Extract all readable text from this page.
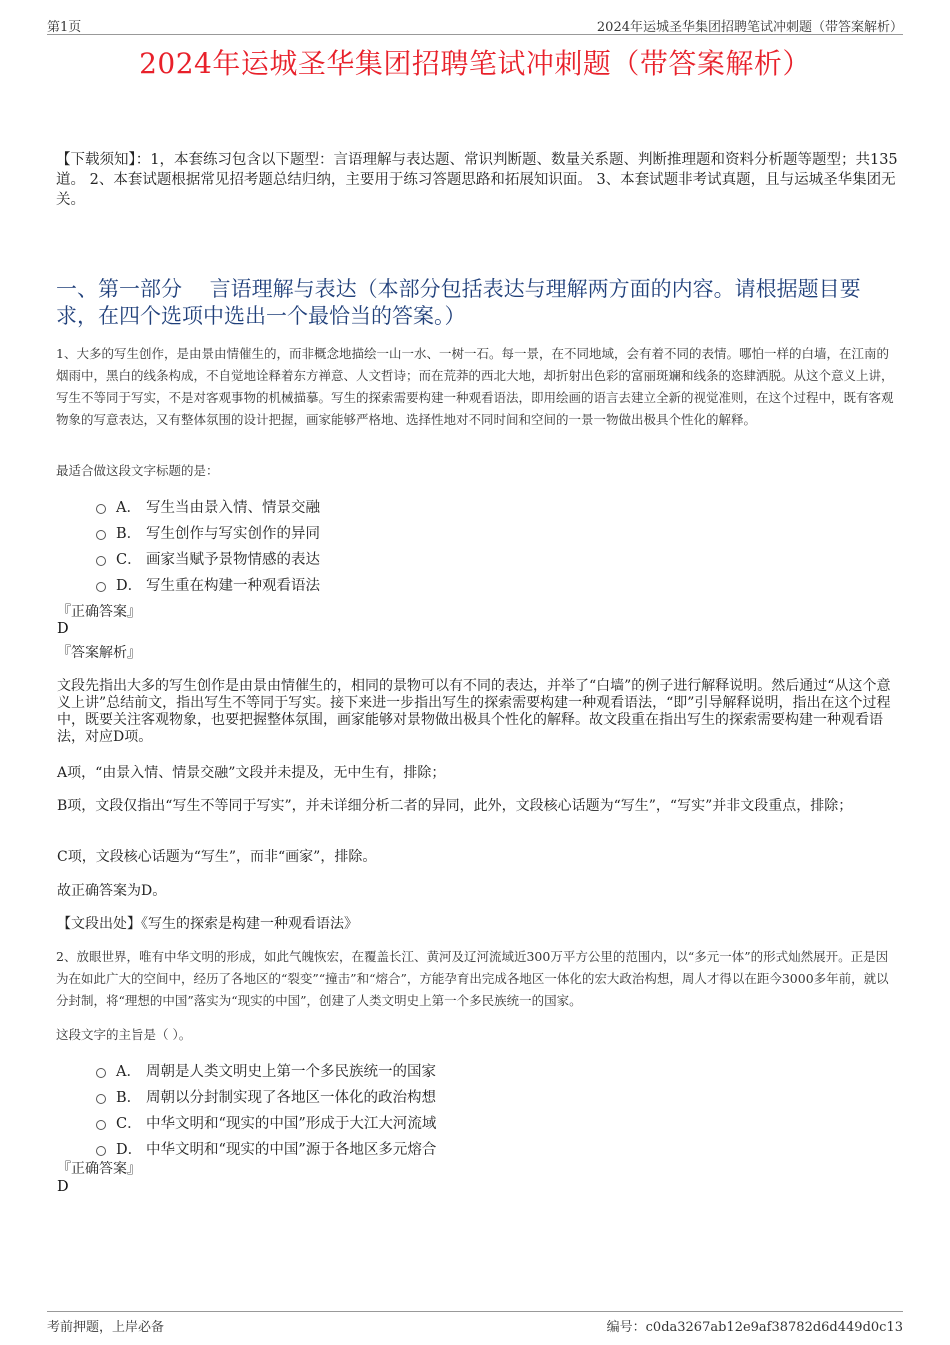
第1页	2024年运城圣华集团招聘笔试冲刺题（带答案解析）
2024年运城圣华集团招聘笔试冲刺题（带答案解析）
【下载须知】：1，本套练习包含以下题型：言语理解与表达题、常识判断题、数量关系题、判断推理题和资料分析题等题型；共135道。 2、本套试题根据常见招考题总结归纳，主要用于练习答题思路和拓展知识面。 3、本套试题非考试真题，且与运城圣华集团无关。
一、第一部分　 言语理解与表达（本部分包括表达与理解两方面的内容。请根据题目要求，在四个选项中选出一个最恰当的答案。）
1、大多的写生创作，是由景由情催生的，而非概念地描绘一山一水、一树一石。每一景，在不同地域，会有着不同的表情。哪怕一样的白墙，在江南的烟雨中，黑白的线条构成，不自觉地诠释着东方禅意、人文哲诗；而在荒莽的西北大地，却折射出色彩的富丽斑斓和线条的恣肆洒脱。从这个意义上讲，写生不等同于写实，不是对客观事物的机械描摹。写生的探索需要构建一种观看语法，即用绘画的语言去建立全新的视觉准则，在这个过程中，既有客观物象的写意表达，又有整体氛围的设计把握，画家能够严格地、选择性地对不同时间和空间的一景一物做出极具个性化的解释。
最适合做这段文字标题的是：
A． 写生当由景入情、情景交融
B． 写生创作与写实创作的异同
C． 画家当赋予景物情感的表达
D． 写生重在构建一种观看语法
『正确答案』
D
『答案解析』
文段先指出大多的写生创作是由景由情催生的，相同的景物可以有不同的表达，并举了“白墙”的例子进行解释说明。然后通过“从这个意义上讲”总结前文，指出写生不等同于写实。接下来进一步指出写生的探索需要构建一种观看语法，“即”引导解释说明，指出在这个过程中，既要关注客观物象，也要把握整体氛围，画家能够对景物做出极具个性化的解释。故文段重在指出写生的探索需要构建一种观看语法，对应D项。
A项，“由景入情、情景交融”文段并未提及，无中生有，排除；
B项，文段仅指出“写生不等同于写实”，并未详细分析二者的异同，此外，文段核心话题为“写生”，“写实”并非文段重点，排除；
C项，文段核心话题为“写生”，而非“画家”，排除。
故正确答案为D。
【文段出处】《写生的探索是构建一种观看语法》
2、放眼世界，唯有中华文明的形成，如此气魄恢宏，在覆盖长江、黄河及辽河流域近300万平方公里的范围内，以“多元一体”的形式灿然展开。正是因为在如此广大的空间中，经历了各地区的“裂变”“撞击”和“熔合”，方能孕育出完成各地区一体化的宏大政治构想，周人才得以在距今3000多年前，就以分封制，将“理想的中国”落实为“现实的中国”，创建了人类文明史上第一个多民族统一的国家。
这段文字的主旨是（ ）。
A． 周朝是人类文明史上第一个多民族统一的国家
B． 周朝以分封制实现了各地区一体化的政治构想
C． 中华文明和“现实的中国”形成于大江大河流域
D． 中华文明和“现实的中国”源于各地区多元熔合
『正确答案』
D
考前押题，上岸必备	编号：c0da3267ab12e9af38782d6d449d0c13
